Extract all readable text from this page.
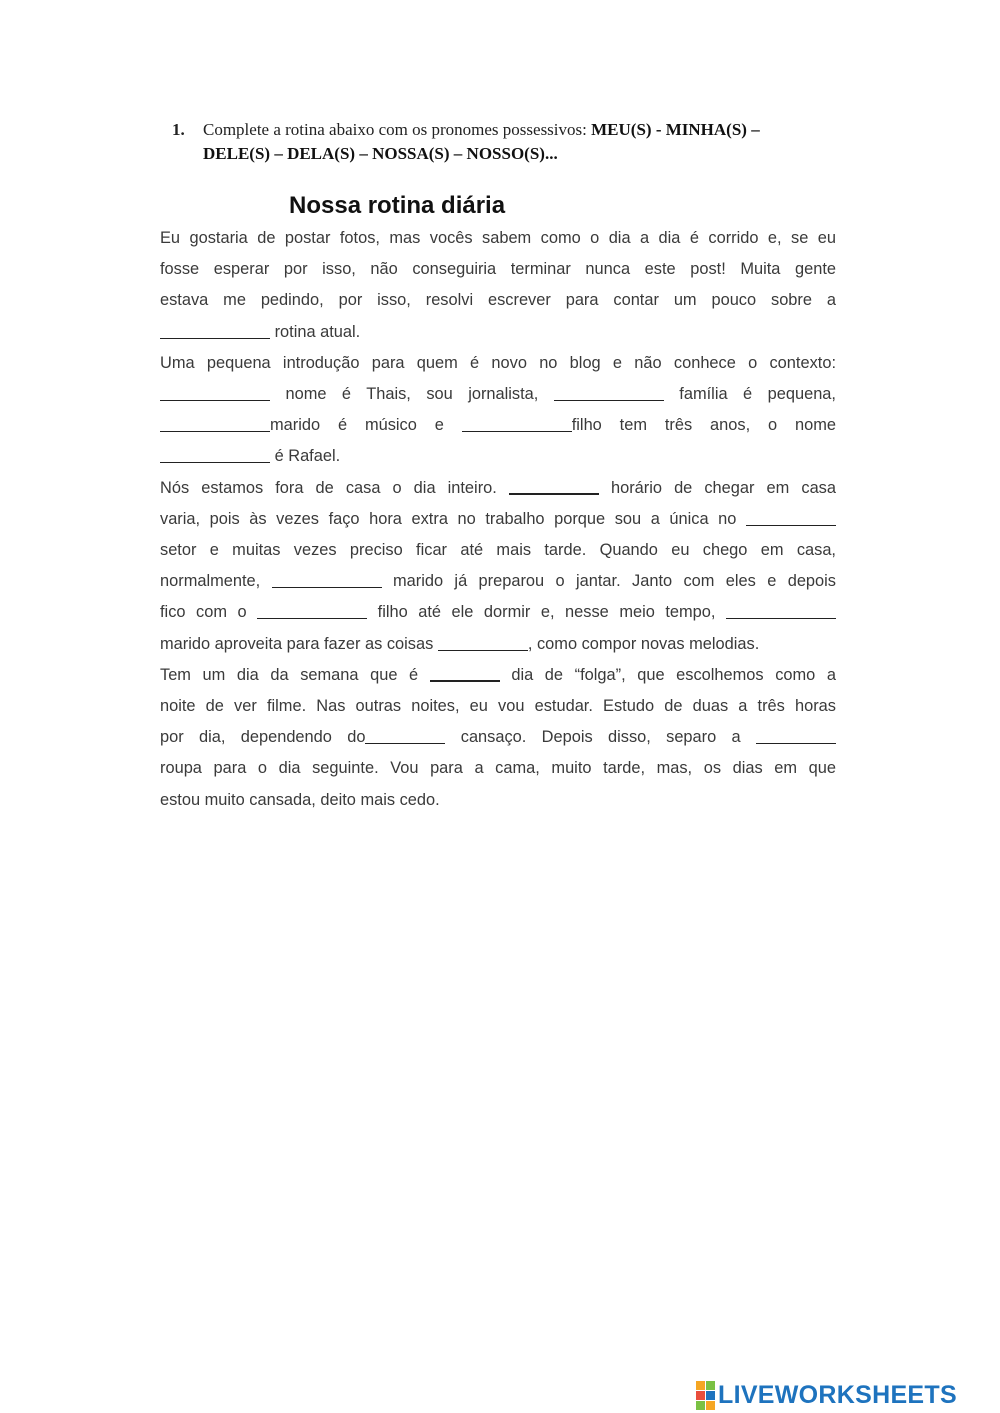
1. Complete a rotina abaixo com os pronomes possessivos: MEU(S) - MINHA(S) –
DELE(S) – DELA(S) – NOSSA(S) – NOSSO(S)...
Nossa rotina diária
Eu gostaria de postar fotos, mas vocês sabem como o dia a dia é corrido e, se eu
fosse esperar por isso, não conseguiria terminar nunca este post! Muita gente
estava me pedindo, por isso, resolvi escrever para contar um pouco sobre a
rotina atual.
Uma pequena introdução para quem é novo no blog e não conhece o contexto:
nome é Thais, sou jornalista,	família é pequena,
marido é músico e	filho tem três anos, o nome
é Rafael.
Nós estamos fora de casa o dia inteiro.	horário de chegar em casa
varia, pois às vezes faço hora extra no trabalho porque sou a única no
setor e muitas vezes preciso ficar até mais tarde. Quando eu chego em casa,
normalmente,	marido já preparou o jantar. Janto com eles e depois
fico com o	filho até ele dormir e, nesse meio tempo,
marido aproveita para fazer as coisas	, como compor novas melodias.
Tem um dia da semana que é	dia de “folga”, que escolhemos como a
noite de ver filme. Nas outras noites, eu vou estudar. Estudo de duas a três horas
por dia, dependendo do	cansaço. Depois disso, separo a
roupa para o dia seguinte. Vou para a cama, muito tarde, mas, os dias em que
estou muito cansada, deito mais cedo.
LIVEWORKSHEETS
